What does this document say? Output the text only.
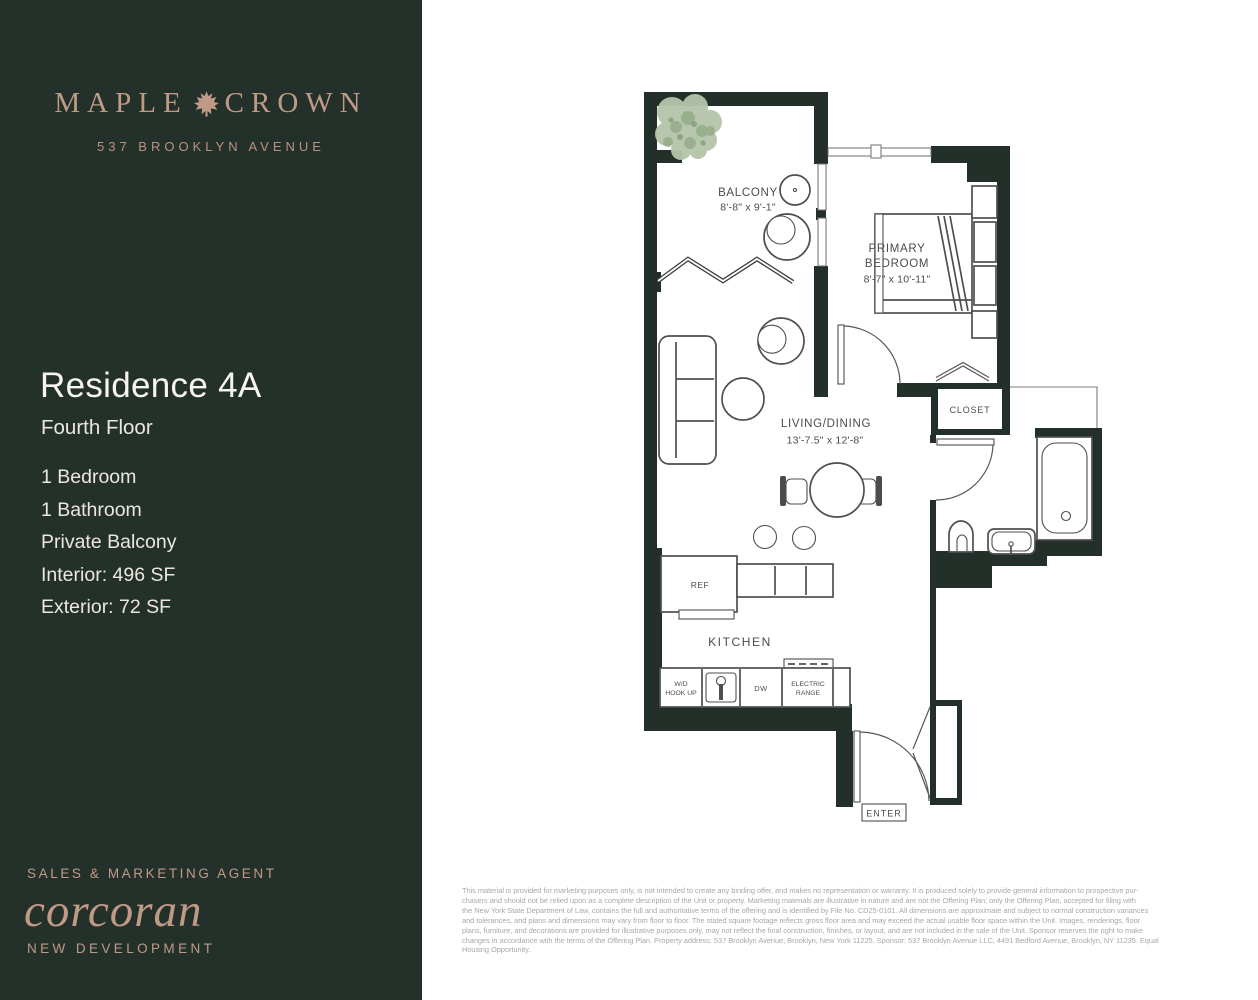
MAPLE CROWN
537 BROOKLYN AVENUE
Residence 4A
Fourth Floor
1 Bedroom
1 Bathroom
Private Balcony
Interior: 496 SF
Exterior: 72 SF
SALES & MARKETING AGENT
corcoran
NEW DEVELOPMENT
ENTER
BALCONY
8'-8" x 9'-1"
PRIMARY
BEDROOM
8'-7" x 10'-11"
LIVING/DINING
13'-7.5" x 12'-8"
CLOSET
KITCHEN
REF
W/D
HOOK UP
DW	ELECTRIC
RANGE
This material is provided for marketing purposes only, is not intended to create any binding offer, and makes no representation or warranty. It is produced solely to provide general information to prospective pur-
chasers and should not be relied upon as a complete description of the Unit or property. Marketing materials are illustrative in nature and are not the Offering Plan; only the Offering Plan, accepted for filing with
the New York State Department of Law, contains the full and authoritative terms of the offering and is identified by File No. CD25-0101. All dimensions are approximate and subject to normal construction variances
and tolerances, and plans and dimensions may vary from floor to floor. The stated square footage reflects gross floor area and may exceed the actual usable floor space within the Unit. Images, renderings, floor
plans, furniture, and decorations are provided for illustrative purposes only, may not reflect the final construction, finishes, or layout, and are not included in the sale of the Unit. Sponsor reserves the right to make
changes in accordance with the terms of the Offering Plan. Property address: 537 Brooklyn Avenue, Brooklyn, New York 11225. Sponsor: 537 Brooklyn Avenue LLC, 4491 Bedford Avenue, Brooklyn, NY 11235. Equal
Housing Opportunity.
